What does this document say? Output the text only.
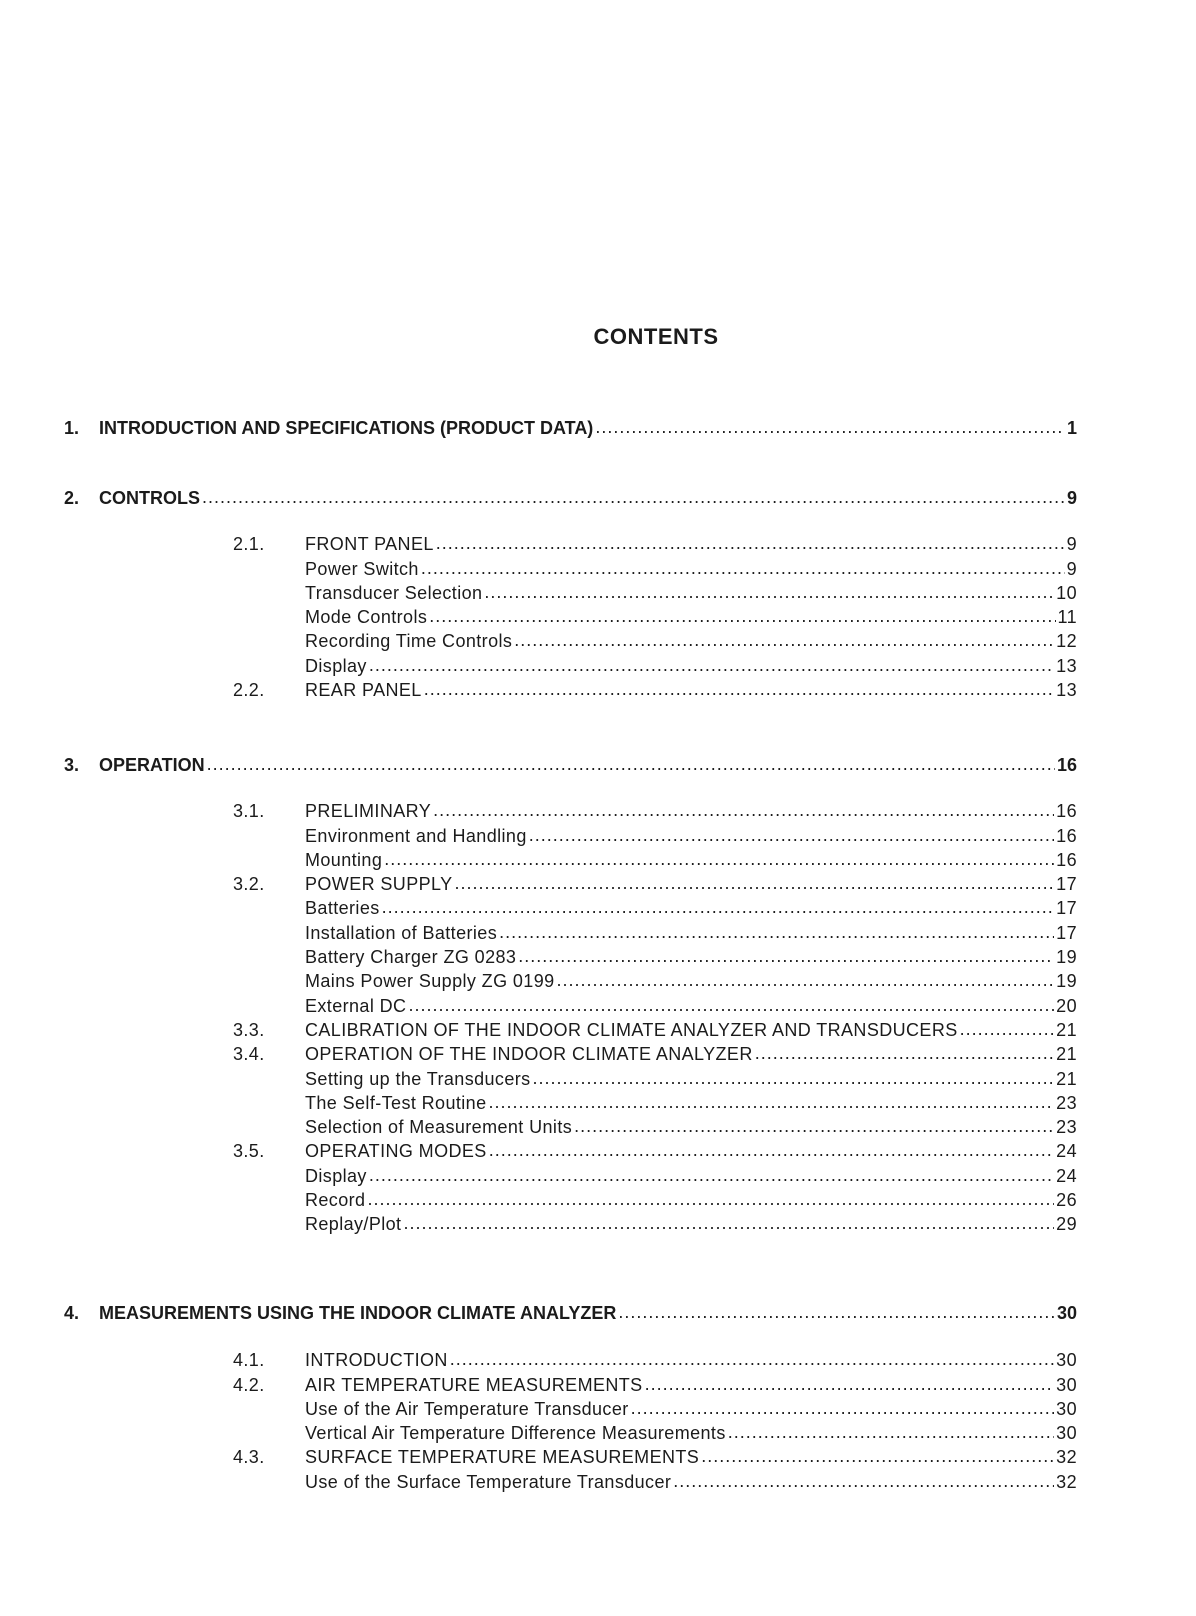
CONTENTS
1.	INTRODUCTION AND SPECIFICATIONS (PRODUCT DATA) .....	1
2.	CONTROLS .....	9
2.1.	FRONT PANEL .....	9
Power Switch .....	9
Transducer Selection .....	10
Mode Controls .....	11
Recording Time Controls .....	12
Display .....	13
2.2.	REAR PANEL .....	13
3.	OPERATION .....	16
3.1.	PRELIMINARY .....	16
Environment and Handling .....	16
Mounting .....	16
3.2.	POWER SUPPLY .....	17
Batteries .....	17
Installation of Batteries .....	17
Battery Charger ZG 0283 .....	19
Mains Power Supply ZG 0199 .....	19
External DC .....	20
3.3.	CALIBRATION OF THE INDOOR CLIMATE ANALYZER AND TRANSDUCERS .....	21
3.4.	OPERATION OF THE INDOOR CLIMATE ANALYZER .....	21
Setting up the Transducers .....	21
The Self-Test Routine .....	23
Selection of Measurement Units .....	23
3.5.	OPERATING MODES .....	24
Display .....	24
Record .....	26
Replay/Plot .....	29
4.	MEASUREMENTS USING THE INDOOR CLIMATE ANALYZER .....	30
4.1.	INTRODUCTION .....	30
4.2.	AIR TEMPERATURE MEASUREMENTS .....	30
Use of the Air Temperature Transducer .....	30
Vertical Air Temperature Difference Measurements .....	30
4.3.	SURFACE TEMPERATURE MEASUREMENTS .....	32
Use of the Surface Temperature Transducer .....	32
